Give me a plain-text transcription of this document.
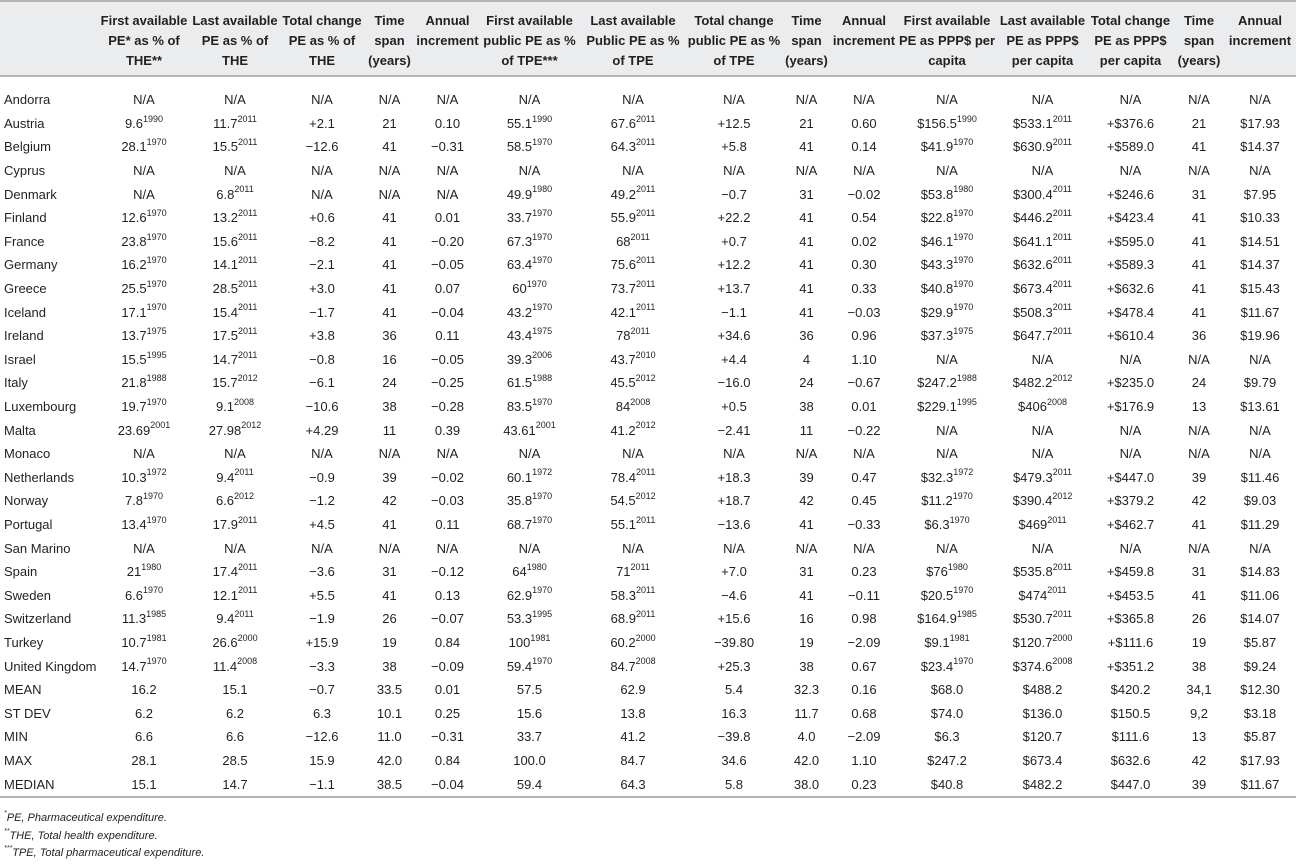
	First available PE* as % of THE**	Last available PE as % of THE	Total change PE as % of THE	Time span (years)	Annual increment	First available public PE as % of TPE***	Last available Public PE as % of TPE	Total change public PE as % of TPE	Time span (years)	Annual increment	First available PE as PPP$ per capita	Last available PE as PPP$ per capita	Total change PE as PPP$ per capita	Time span (years)	Annual increment

Andorra	N/A	N/A	N/A	N/A	N/A	N/A	N/A	N/A	N/A	N/A	N/A	N/A	N/A	N/A	N/A
Austria	$9.6^{1990}$	$11.7^{2011}$	+2.1	21	0.10	$55.1^{1990}$	$67.6^{2011}$	+12.5	21	0.60	$\$156.5^{1990}$	$\$533.1^{2011}$	+$376.6	21	$17.93
Belgium	$28.1^{1970}$	$15.5^{2011}$	−12.6	41	−0.31	$58.5^{1970}$	$64.3^{2011}$	+5.8	41	0.14	$\$41.9^{1970}$	$\$630.9^{2011}$	+$589.0	41	$14.37
Cyprus	N/A	N/A	N/A	N/A	N/A	N/A	N/A	N/A	N/A	N/A	N/A	N/A	N/A	N/A	N/A
Denmark	N/A	$6.8^{2011}$	N/A	N/A	N/A	$49.9^{1980}$	$49.2^{2011}$	−0.7	31	−0.02	$\$53.8^{1980}$	$\$300.4^{2011}$	+$246.6	31	$7.95
Finland	$12.6^{1970}$	$13.2^{2011}$	+0.6	41	0.01	$33.7^{1970}$	$55.9^{2011}$	+22.2	41	0.54	$\$22.8^{1970}$	$\$446.2^{2011}$	+$423.4	41	$10.33
France	$23.8^{1970}$	$15.6^{2011}$	−8.2	41	−0.20	$67.3^{1970}$	$68^{2011}$	+0.7	41	0.02	$\$46.1^{1970}$	$\$641.1^{2011}$	+$595.0	41	$14.51
Germany	$16.2^{1970}$	$14.1^{2011}$	−2.1	41	−0.05	$63.4^{1970}$	$75.6^{2011}$	+12.2	41	0.30	$\$43.3^{1970}$	$\$632.6^{2011}$	+$589.3	41	$14.37
Greece	$25.5^{1970}$	$28.5^{2011}$	+3.0	41	0.07	$60^{1970}$	$73.7^{2011}$	+13.7	41	0.33	$\$40.8^{1970}$	$\$673.4^{2011}$	+$632.6	41	$15.43
Iceland	$17.1^{1970}$	$15.4^{2011}$	−1.7	41	−0.04	$43.2^{1970}$	$42.1^{2011}$	−1.1	41	−0.03	$\$29.9^{1970}$	$\$508.3^{2011}$	+$478.4	41	$11.67
Ireland	$13.7^{1975}$	$17.5^{2011}$	+3.8	36	0.11	$43.4^{1975}$	$78^{2011}$	+34.6	36	0.96	$\$37.3^{1975}$	$\$647.7^{2011}$	+$610.4	36	$19.96
Israel	$15.5^{1995}$	$14.7^{2011}$	−0.8	16	−0.05	$39.3^{2006}$	$43.7^{2010}$	+4.4	4	1.10	N/A	N/A	N/A	N/A	N/A
Italy	$21.8^{1988}$	$15.7^{2012}$	−6.1	24	−0.25	$61.5^{1988}$	$45.5^{2012}$	−16.0	24	−0.67	$\$247.2^{1988}$	$\$482.2^{2012}$	+$235.0	24	$9.79
Luxembourg	$19.7^{1970}$	$9.1^{2008}$	−10.6	38	−0.28	$83.5^{1970}$	$84^{2008}$	+0.5	38	0.01	$\$229.1^{1995}$	$\$406^{2008}$	+$176.9	13	$13.61
Malta	$23.69^{2001}$	$27.98^{2012}$	+4.29	11	0.39	$43.61^{2001}$	$41.2^{2012}$	−2.41	11	−0.22	N/A	N/A	N/A	N/A	N/A
Monaco	N/A	N/A	N/A	N/A	N/A	N/A	N/A	N/A	N/A	N/A	N/A	N/A	N/A	N/A	N/A
Netherlands	$10.3^{1972}$	$9.4^{2011}$	−0.9	39	−0.02	$60.1^{1972}$	$78.4^{2011}$	+18.3	39	0.47	$\$32.3^{1972}$	$\$479.3^{2011}$	+$447.0	39	$11.46
Norway	$7.8^{1970}$	$6.6^{2012}$	−1.2	42	−0.03	$35.8^{1970}$	$54.5^{2012}$	+18.7	42	0.45	$\$11.2^{1970}$	$\$390.4^{2012}$	+$379.2	42	$9.03
Portugal	$13.4^{1970}$	$17.9^{2011}$	+4.5	41	0.11	$68.7^{1970}$	$55.1^{2011}$	−13.6	41	−0.33	$\$6.3^{1970}$	$\$469^{2011}$	+$462.7	41	$11.29
San Marino	N/A	N/A	N/A	N/A	N/A	N/A	N/A	N/A	N/A	N/A	N/A	N/A	N/A	N/A	N/A
Spain	$21^{1980}$	$17.4^{2011}$	−3.6	31	−0.12	$64^{1980}$	$71^{2011}$	+7.0	31	0.23	$\$76^{1980}$	$\$535.8^{2011}$	+$459.8	31	$14.83
Sweden	$6.6^{1970}$	$12.1^{2011}$	+5.5	41	0.13	$62.9^{1970}$	$58.3^{2011}$	−4.6	41	−0.11	$\$20.5^{1970}$	$\$474^{2011}$	+$453.5	41	$11.06
Switzerland	$11.3^{1985}$	$9.4^{2011}$	−1.9	26	−0.07	$53.3^{1995}$	$68.9^{2011}$	+15.6	16	0.98	$\$164.9^{1985}$	$\$530.7^{2011}$	+$365.8	26	$14.07
Turkey	$10.7^{1981}$	$26.6^{2000}$	+15.9	19	0.84	$100^{1981}$	$60.2^{2000}$	−39.80	19	−2.09	$\$9.1^{1981}$	$\$120.7^{2000}$	+$111.6	19	$5.87
United Kingdom	$14.7^{1970}$	$11.4^{2008}$	−3.3	38	−0.09	$59.4^{1970}$	$84.7^{2008}$	+25.3	38	0.67	$\$23.4^{1970}$	$\$374.6^{2008}$	+$351.2	38	$9.24
MEAN	16.2	15.1	−0.7	33.5	0.01	57.5	62.9	5.4	32.3	0.16	$68.0	$488.2	$420.2	34,1	$12.30
ST DEV	6.2	6.2	6.3	10.1	0.25	15.6	13.8	16.3	11.7	0.68	$74.0	$136.0	$150.5	9,2	$3.18
MIN	6.6	6.6	−12.6	11.0	−0.31	33.7	41.2	−39.8	4.0	−2.09	$6.3	$120.7	$111.6	13	$5.87
MAX	28.1	28.5	15.9	42.0	0.84	100.0	84.7	34.6	42.0	1.10	$247.2	$673.4	$632.6	42	$17.93
MEDIAN	15.1	14.7	−1.1	38.5	−0.04	59.4	64.3	5.8	38.0	0.23	$40.8	$482.2	$447.0	39	$11.67
*PE, Pharmaceutical expenditure.
**THE, Total health expenditure.
***TPE, Total pharmaceutical expenditure.
